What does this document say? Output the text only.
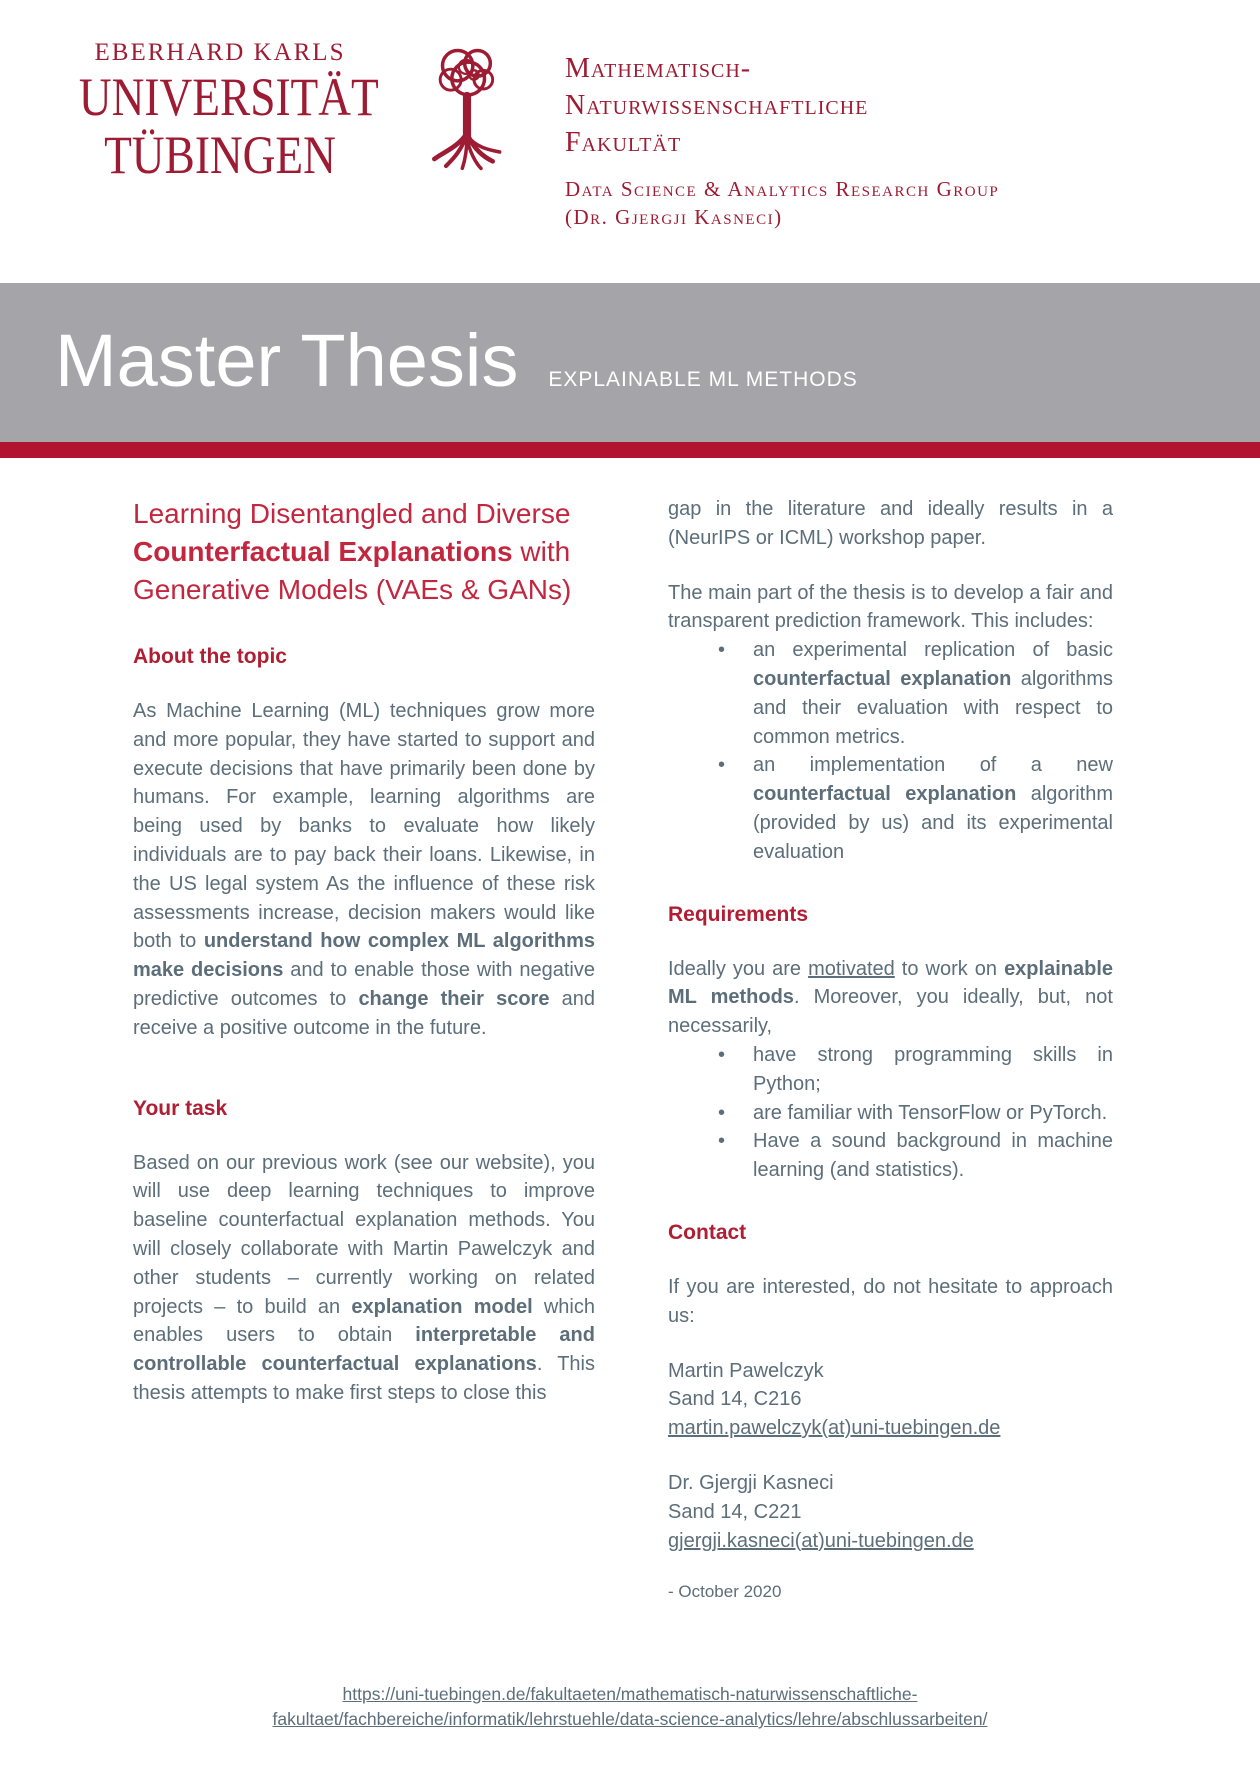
EBERHARD KARLS
UNIVERSITÄT
TÜBINGEN
Mathematisch-
Naturwissenschaftliche
Fakultät
Data Science & Analytics Research Group
(Dr. Gjergji Kasneci)
Master Thesis EXPLAINABLE ML METHODS
Learning Disentangled and Diverse Counterfactual Explanations with Generative Models (VAEs & GANs)
About the topic

As Machine Learning (ML) techniques grow more and more popular, they have started to support and execute decisions that have primarily been done by humans. For example, learning algorithms are being used by banks to evaluate how likely individuals are to pay back their loans. Likewise, in the US legal system As the influence of these risk assessments increase, decision makers would like both to understand how complex ML algorithms make decisions and to enable those with negative predictive outcomes to change their score and receive a positive outcome in the future.

Your task

Based on our previous work (see our website), you will use deep learning techniques to improve baseline counterfactual explanation methods. You will closely collaborate with Martin Pawelczyk and other students – currently working on related projects – to build an explanation model which enables users to obtain interpretable and controllable counterfactual explanations. This thesis attempts to make first steps to close this

gap in the literature and ideally results in a (NeurIPS or ICML) workshop paper.

The main part of the thesis is to develop a fair and transparent prediction framework. This includes:

• an experimental replication of basic counterfactual explanation algorithms and their evaluation with respect to common metrics.
• an implementation of a new counterfactual explanation algorithm (provided by us) and its experimental evaluation
Requirements

Ideally you are motivated to work on explainable ML methods. Moreover, you ideally, but, not necessarily,

• have strong programming skills in Python;
• are familiar with TensorFlow or PyTorch.
• Have a sound background in machine learning (and statistics).
Contact

If you are interested, do not hesitate to approach us:

Martin Pawelczyk
Sand 14, C216
martin.pawelczyk(at)uni-tuebingen.de
Dr. Gjergji Kasneci
Sand 14, C221
gjergji.kasneci(at)uni-tuebingen.de

- October 2020

https://uni-tuebingen.de/fakultaeten/mathematisch-naturwissenschaftliche-
fakultaet/fachbereiche/informatik/lehrstuehle/data-science-analytics/lehre/abschlussarbeiten/
